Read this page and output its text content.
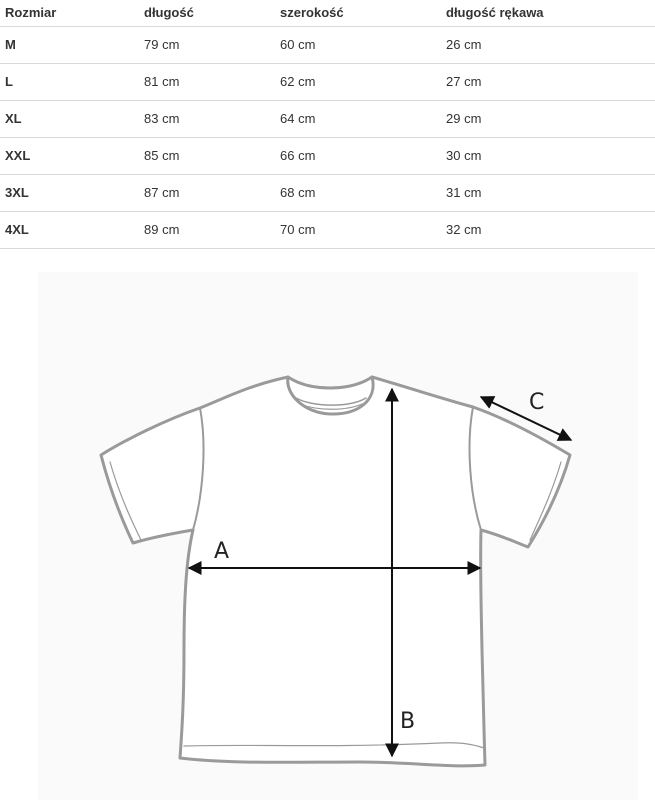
Rozmiar	długość	szerokość	długość rękawa
M	79 cm	60 cm	26 cm
L	81 cm	62 cm	27 cm
XL	83 cm	64 cm	29 cm
XXL	85 cm	66 cm	30 cm
3XL	87 cm	68 cm	31 cm
4XL	89 cm	70 cm	32 cm
A
B
C
